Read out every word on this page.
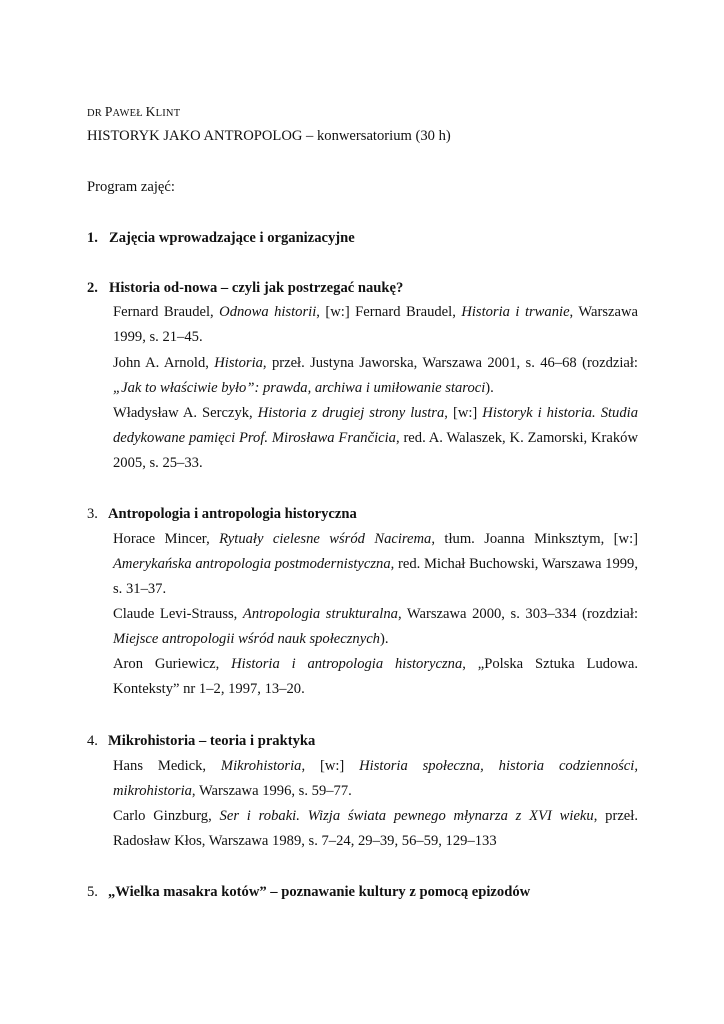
DR PAWEŁ KLINT
HISTORYK JAKO ANTROPOLOG – konwersatorium (30 h)
Program zajęć:
1. Zajęcia wprowadzające i organizacyjne
2. Historia od-nowa – czyli jak postrzegać naukę?
Fernard Braudel, Odnowa historii, [w:] Fernard Braudel, Historia i trwanie, Warszawa 1999, s. 21–45.
John A. Arnold, Historia, przeł. Justyna Jaworska, Warszawa 2001, s. 46–68 (rozdział: „Jak to właściwie było”: prawda, archiwa i umiłowanie staroci).
Władysław A. Serczyk, Historia z drugiej strony lustra, [w:] Historyk i historia. Studia dedykowane pamięci Prof. Mirosława Frančicia, red. A. Walaszek, K. Zamorski, Kraków 2005, s. 25–33.
3. Antropologia i antropologia historyczna
Horace Mincer, Rytuały cielesne wśród Nacirema, tłum. Joanna Minksztym, [w:] Amerykańska antropologia postmodernistyczna, red. Michał Buchowski, Warszawa 1999, s. 31–37.
Claude Levi-Strauss, Antropologia strukturalna, Warszawa 2000, s. 303–334 (rozdział: Miejsce antropologii wśród nauk społecznych).
Aron Guriewicz, Historia i antropologia historyczna, „Polska Sztuka Ludowa. Konteksty” nr 1–2, 1997, 13–20.
4. Mikrohistoria – teoria i praktyka
Hans Medick, Mikrohistoria, [w:] Historia społeczna, historia codzienności, mikrohistoria, Warszawa 1996, s. 59–77.
Carlo Ginzburg, Ser i robaki. Wizja świata pewnego młynarza z XVI wieku, przeł. Radosław Kłos, Warszawa 1989, s. 7–24, 29–39, 56–59, 129–133
5. „Wielka masakra kotów” – poznawanie kultury z pomocą epizodów
